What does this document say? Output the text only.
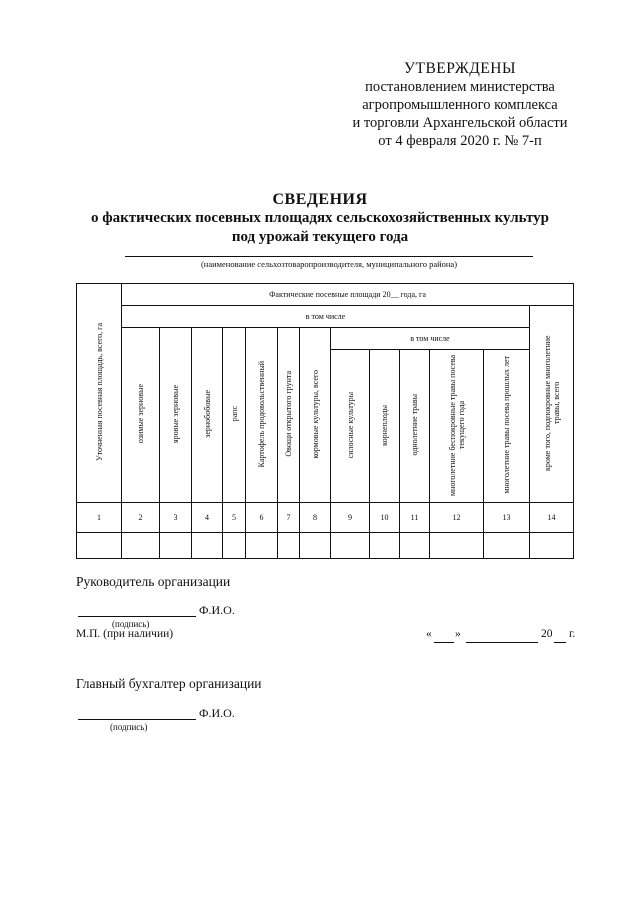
УТВЕРЖДЕНЫ
постановлением министерства
агропромышленного комплекса
и торговли Архангельской области
от 4 февраля 2020 г. № 7-п
СВЕДЕНИЯ
о фактических посевных площадях сельскохозяйственных культур
под урожай текущего года
(наименование сельхозтоваропроизводителя, муниципального района)
Уточненная посевная площадь, всего, га	Фактические посевные площади 20__ года, га												
	в том числе												кроме того, подпокровные многолетние травы, всего
	озимые зерновые	яровые зерновые	зернобобовые	рапс	Картофель продовольственный	Овощи открытого грунта	кормовые культуры, всего	в том числе					
								силосные культуры	корнеплоды	однолетние травы	многолетние беспокровные травы посева текущего года	многолетние травы посева прошлых лет	
1	2	3	4	5	6	7	8	9	10	11	12	13	14

Руководитель организации
Ф.И.О.
(подпись)
М.П. (при наличии)	« »	20 г.
Главный бухгалтер организации
Ф.И.О.
(подпись)
